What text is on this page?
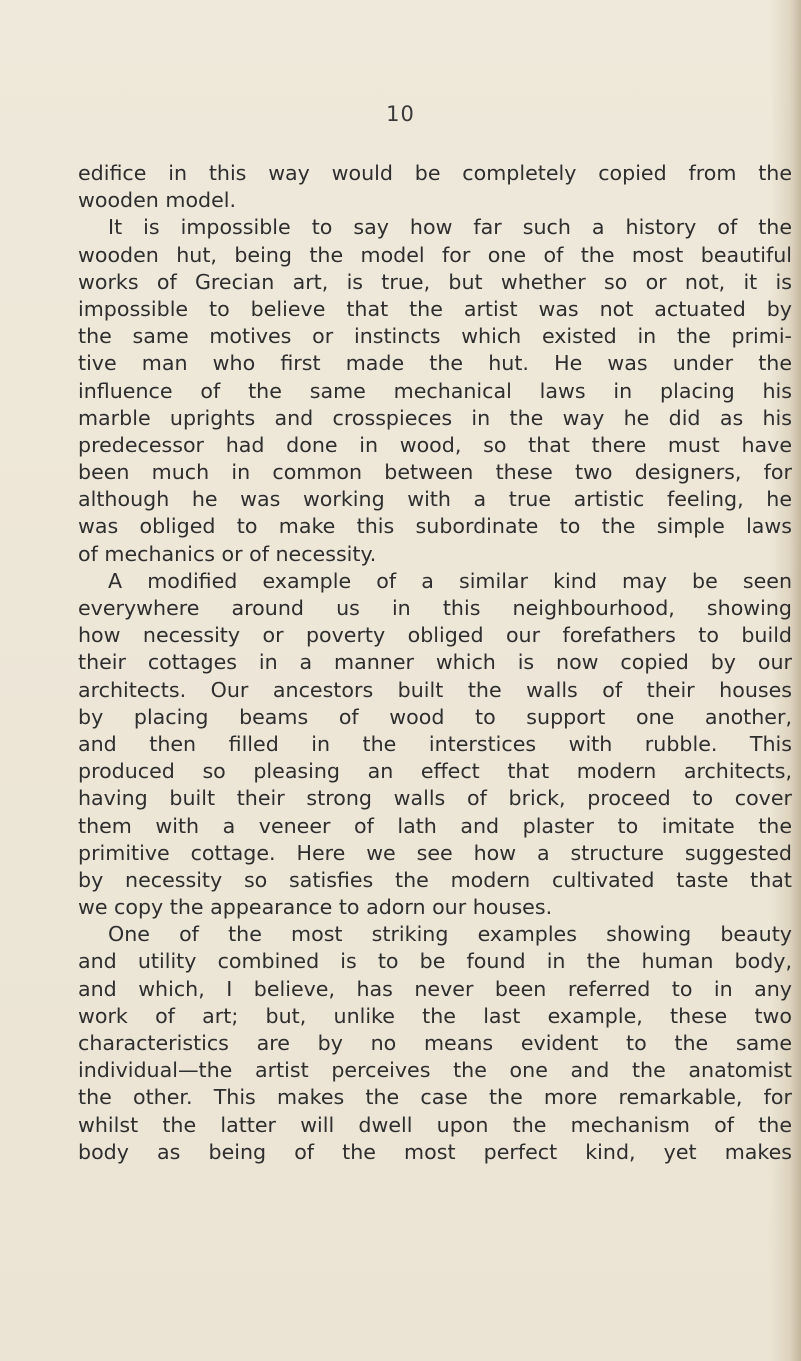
10
edifice in this way would be completely copied from the
wooden model.
It is impossible to say how far such a history of the
wooden hut, being the model for one of the most beautiful
works of Grecian art, is true, but whether so or not, it is
impossible to believe that the artist was not actuated by
the same motives or instincts which existed in the primi-
tive man who first made the hut. He was under the
influence of the same mechanical laws in placing his
marble uprights and crosspieces in the way he did as his
predecessor had done in wood, so that there must have
been much in common between these two designers, for
although he was working with a true artistic feeling, he
was obliged to make this subordinate to the simple laws
of mechanics or of necessity.
A modified example of a similar kind may be seen
everywhere around us in this neighbourhood, showing
how necessity or poverty obliged our forefathers to build
their cottages in a manner which is now copied by our
architects. Our ancestors built the walls of their houses
by placing beams of wood to support one another,
and then filled in the interstices with rubble. This
produced so pleasing an effect that modern architects,
having built their strong walls of brick, proceed to cover
them with a veneer of lath and plaster to imitate the
primitive cottage. Here we see how a structure suggested
by necessity so satisfies the modern cultivated taste that
we copy the appearance to adorn our houses.
One of the most striking examples showing beauty
and utility combined is to be found in the human body,
and which, I believe, has never been referred to in any
work of art; but, unlike the last example, these two
characteristics are by no means evident to the same
individual—the artist perceives the one and the anatomist
the other. This makes the case the more remarkable, for
whilst the latter will dwell upon the mechanism of the
body as being of the most perfect kind, yet makes
